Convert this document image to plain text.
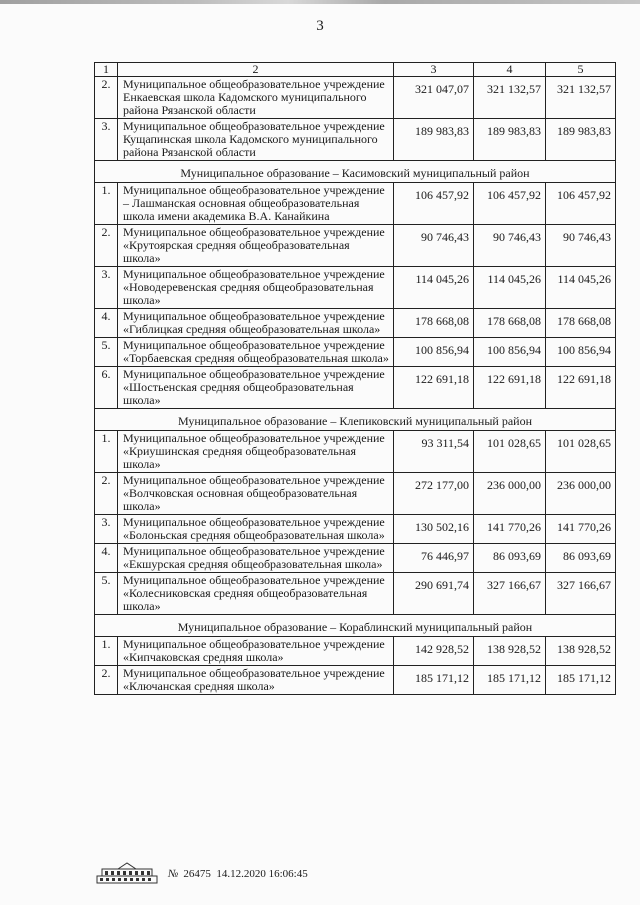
3
1	2	3	4	5
2.	Муниципальное общеобразовательное учреждение Енкаевская школа Кадомского муниципального района Рязанской области	321 047,07	321 132,57	321 132,57
3.	Муниципальное общеобразовательное учреждение Кущапинская школа Кадомского муниципального района Рязанской области	189 983,83	189 983,83	189 983,83
Муниципальное образование – Касимовский муниципальный район				
1.	Муниципальное общеобразовательное учреждение – Лашманская основная общеобразовательная школа имени академика В.А. Канайкина	106 457,92	106 457,92	106 457,92
2.	Муниципальное общеобразовательное учреждение «Крутоярская средняя общеобразовательная школа»	90 746,43	90 746,43	90 746,43
3.	Муниципальное общеобразовательное учреждение «Новодеревенская средняя общеобразовательная школа»	114 045,26	114 045,26	114 045,26
4.	Муниципальное общеобразовательное учреждение «Гиблицкая средняя общеобразовательная школа»	178 668,08	178 668,08	178 668,08
5.	Муниципальное общеобразовательное учреждение «Торбаевская средняя общеобразовательная школа»	100 856,94	100 856,94	100 856,94
6.	Муниципальное общеобразовательное учреждение «Шостьенская средняя общеобразовательная школа»	122 691,18	122 691,18	122 691,18
Муниципальное образование – Клепиковский муниципальный район				
1.	Муниципальное общеобразовательное учреждение «Криушинская средняя общеобразовательная школа»	93 311,54	101 028,65	101 028,65
2.	Муниципальное общеобразовательное учреждение «Волчковская основная общеобразовательная школа»	272 177,00	236 000,00	236 000,00
3.	Муниципальное общеобразовательное учреждение «Болоньская средняя общеобразовательная школа»	130 502,16	141 770,26	141 770,26
4.	Муниципальное общеобразовательное учреждение «Екшурская средняя общеобразовательная школа»	76 446,97	86 093,69	86 093,69
5.	Муниципальное общеобразовательное учреждение «Колесниковская средняя общеобразовательная школа»	290 691,74	327 166,67	327 166,67
Муниципальное образование – Кораблинский муниципальный район				
1.	Муниципальное общеобразовательное учреждение «Кипчаковская средняя школа»	142 928,52	138 928,52	138 928,52
2.	Муниципальное общеобразовательное учреждение «Ключанская средняя школа»	185 171,12	185 171,12	185 171,12
№ 26475 14.12.2020 16:06:45
